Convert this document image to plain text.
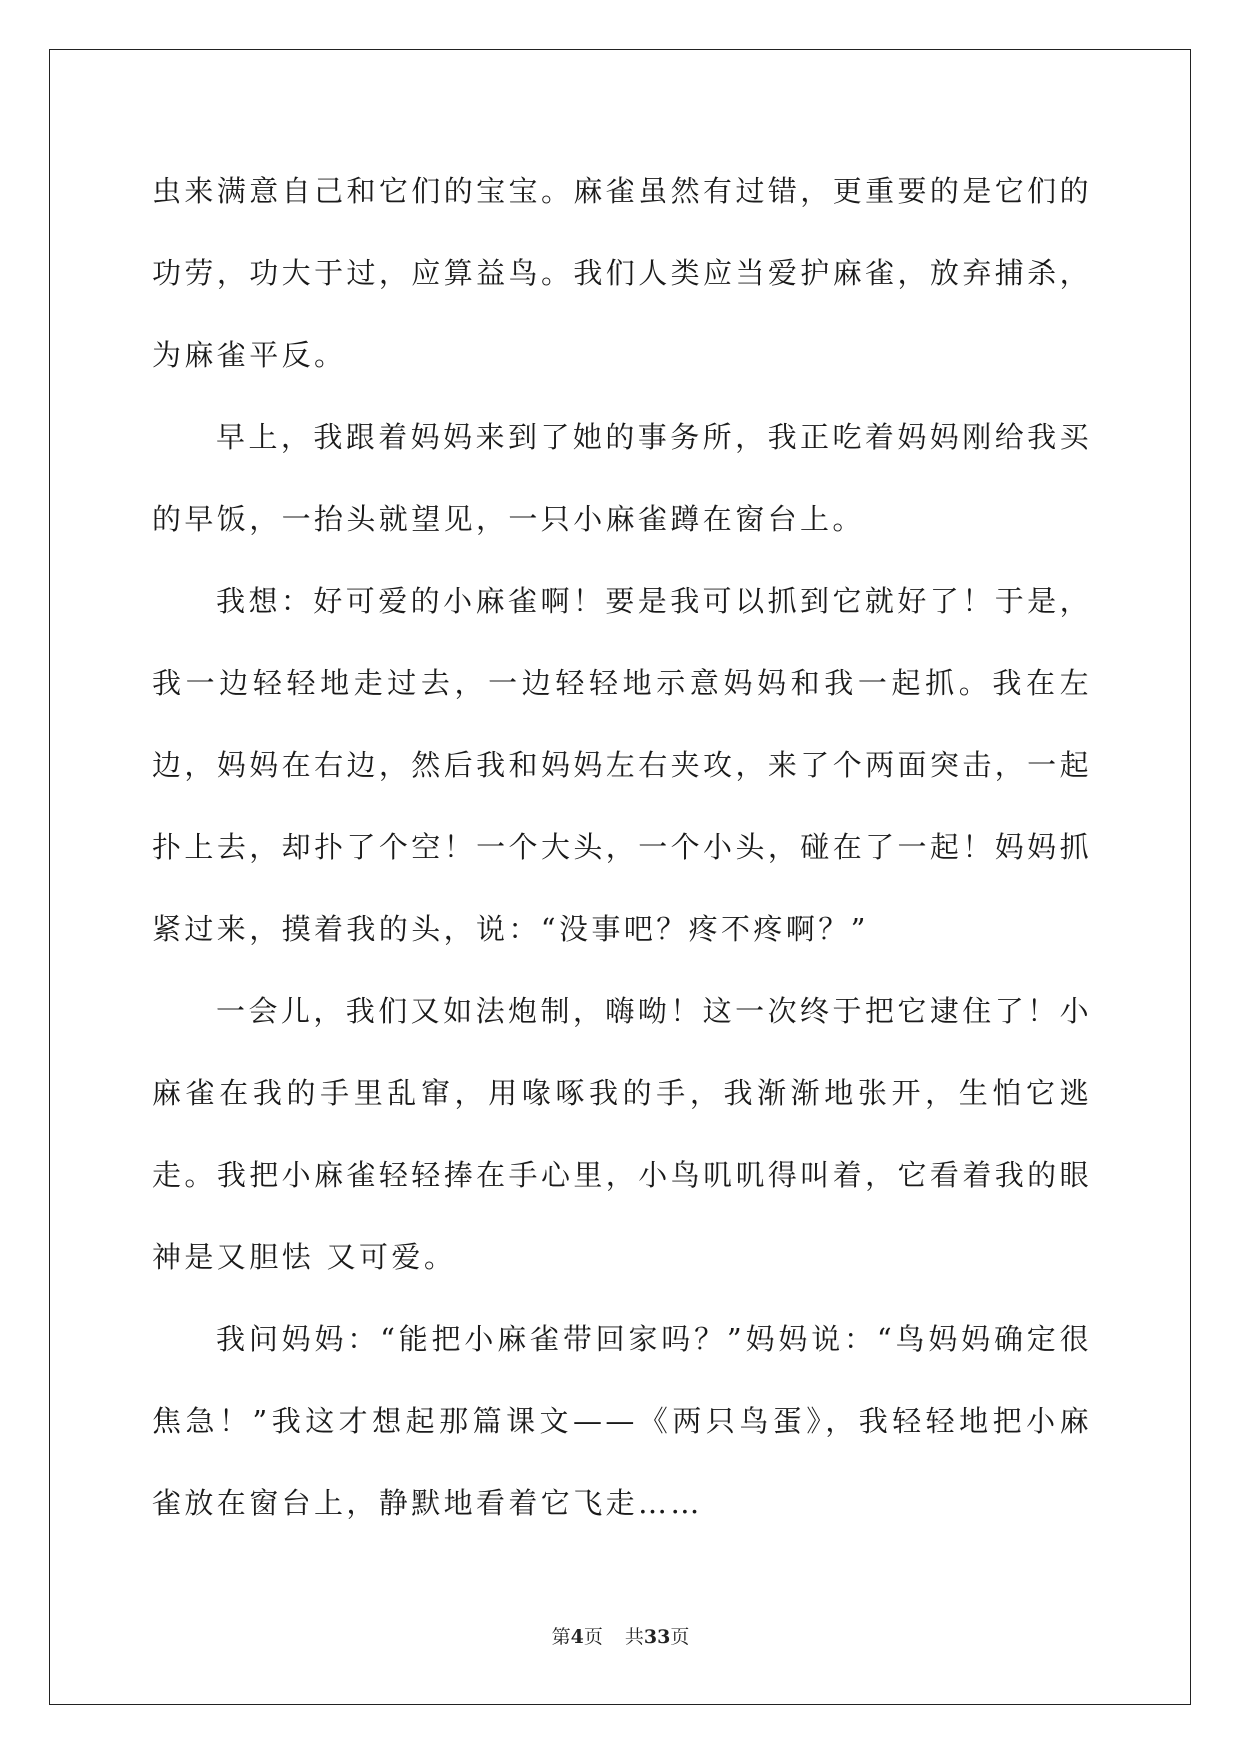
虫来满意自己和它们的宝宝。麻雀虽然有过错，更重要的是它们的功劳，功大于过，应算益鸟。我们人类应当爱护麻雀，放弃捕杀，为麻雀平反。

早上，我跟着妈妈来到了她的事务所，我正吃着妈妈刚给我买的早饭，一抬头就望见，一只小麻雀蹲在窗台上。

我想：好可爱的小麻雀啊！要是我可以抓到它就好了！于是，我一边轻轻地走过去，一边轻轻地示意妈妈和我一起抓。我在左边，妈妈在右边，然后我和妈妈左右夹攻，来了个两面突击，一起扑上去，却扑了个空！一个大头，一个小头，碰在了一起！妈妈抓紧过来，摸着我的头，说：“没事吧？疼不疼啊？”

一会儿，我们又如法炮制，嗨呦！这一次终于把它逮住了！小麻雀在我的手里乱窜，用喙啄我的手，我渐渐地张开，生怕它逃走。我把小麻雀轻轻捧在手心里，小鸟叽叽得叫着，它看着我的眼神是又胆怯 又可爱。

我问妈妈：“能把小麻雀带回家吗？”妈妈说：“鸟妈妈确定很焦急！”我这才想起那篇课文——《两只鸟蛋》，我轻轻地把小麻雀放在窗台上，静默地看着它飞走……

第4页 共33页
